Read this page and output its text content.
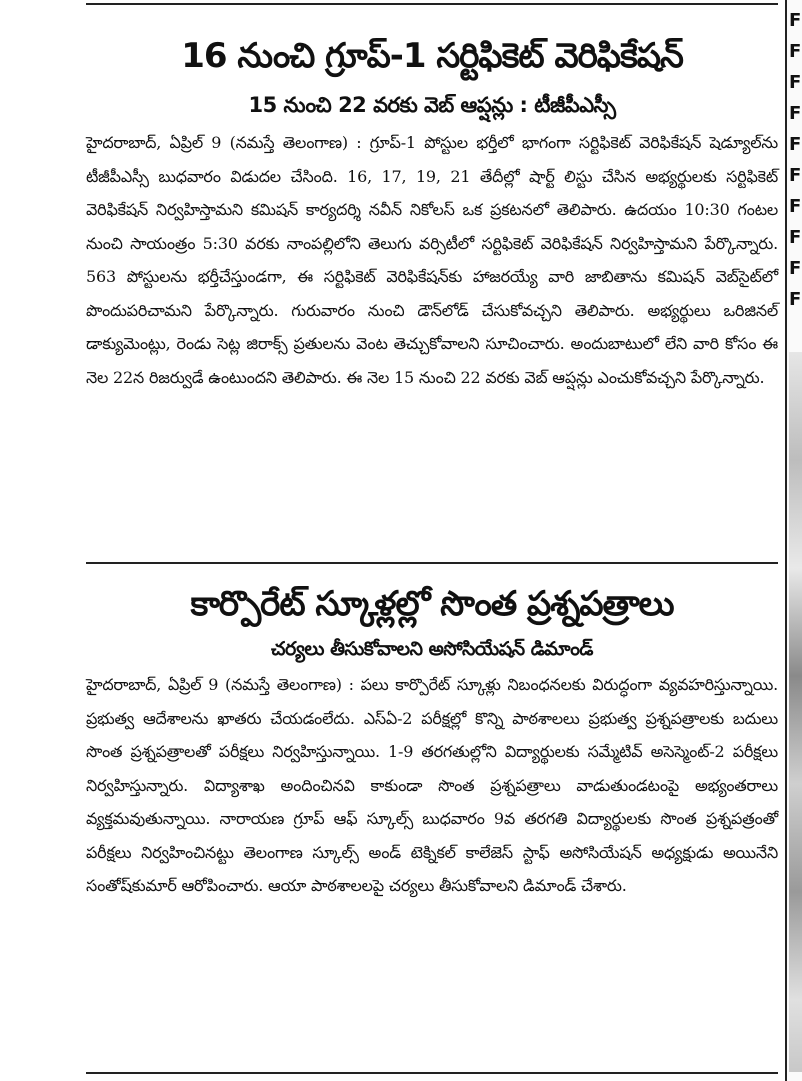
16 నుంచి గ్రూప్‌-1 సర్టిఫికెట్‌ వెరిఫికేషన్‌
15 నుంచి 22 వరకు వెబ్‌ ఆప్షన్లు : టీజీపీఎస్సీ

హైదరాబాద్‌, ఏప్రిల్‌ 9 (నమస్తే తెలంగాణ) : గ్రూప్‌-1 పోస్టుల భర్తీలో భాగంగా సర్టిఫికెట్‌ వెరిఫికేషన్‌ షెడ్యూల్‌ను టీజీపీఎస్సీ బుధవారం విడుదల చేసింది. 16, 17, 19, 21 తేదీల్లో షార్ట్‌ లిస్టు చేసిన అభ్యర్థులకు సర్టిఫికెట్‌ వెరిఫికేషన్‌ నిర్వహిస్తామని కమిషన్‌ కార్యదర్శి నవీన్‌ నికోలస్‌ ఒక ప్రకటనలో తెలిపారు. ఉదయం 10:30 గంటల నుంచి సాయంత్రం 5:30 వరకు నాంపల్లిలోని తెలుగు వర్సిటీలో సర్టిఫికెట్‌ వెరిఫికేషన్‌ నిర్వహిస్తామని పేర్కొన్నారు. 563 పోస్టులను భర్తీచేస్తుండగా, ఈ సర్టిఫికెట్‌ వెరిఫికేషన్‌కు హాజరయ్యే వారి జాబితాను కమిషన్‌ వెబ్‌సైట్‌లో పొందుపరిచామని పేర్కొన్నారు. గురువారం నుంచి డౌన్‌లోడ్‌ చేసుకోవచ్చని తెలిపారు. అభ్యర్థులు ఒరిజినల్‌ డాక్యుమెంట్లు, రెండు సెట్ల జిరాక్స్‌ ప్రతులను వెంట తెచ్చుకోవాలని సూచించారు. అందుబాటులో లేని వారి కోసం ఈ నెల 22న రిజర్వుడే ఉంటుందని తెలిపారు. ఈ నెల 15 నుంచి 22 వరకు వెబ్‌ ఆప్షన్లు ఎంచుకోవచ్చని పేర్కొన్నారు.

కార్పొరేట్‌ స్కూళ్లల్లో సొంత ప్రశ్నపత్రాలు
చర్యలు తీసుకోవాలని అసోసియేషన్‌ డిమాండ్‌

హైదరాబాద్‌, ఏప్రిల్‌ 9 (నమస్తే తెలంగాణ) : పలు కార్పొరేట్‌ స్కూళ్లు నిబంధనలకు విరుద్ధంగా వ్యవహరిస్తున్నాయి. ప్రభుత్వ ఆదేశాలను ఖాతరు చేయడంలేదు. ఎస్‌ఏ-2 పరీక్షల్లో కొన్ని పాఠశాలలు ప్రభుత్వ ప్రశ్నపత్రాలకు బదులు సొంత ప్రశ్నపత్రాలతో పరీక్షలు నిర్వహిస్తున్నాయి. 1-9 తరగతుల్లోని విద్యార్థులకు సమ్మేటివ్‌ అసెస్మెంట్‌-2 పరీక్షలు నిర్వహిస్తున్నారు. విద్యాశాఖ అందించినవి కాకుండా సొంత ప్రశ్నపత్రాలు వాడుతుండటంపై అభ్యంతరాలు వ్యక్తమవుతున్నాయి. నారాయణ గ్రూప్‌ ఆఫ్‌ స్కూల్స్‌ బుధవారం 9వ తరగతి విద్యార్థులకు సొంత ప్రశ్నపత్రంతో పరీక్షలు నిర్వహించినట్టు తెలంగాణ స్కూల్స్‌ అండ్‌ టెక్నికల్‌ కాలేజెస్‌ స్టాఫ్‌ అసోసియేషన్‌ అధ్యక్షుడు అయినేని సంతోష్‌కుమార్‌ ఆరోపించారు. ఆయా పాఠశాలలపై చర్యలు తీసుకోవాలని డిమాండ్‌ చేశారు.

F
F
F
F
F
F
F
F
F
F
